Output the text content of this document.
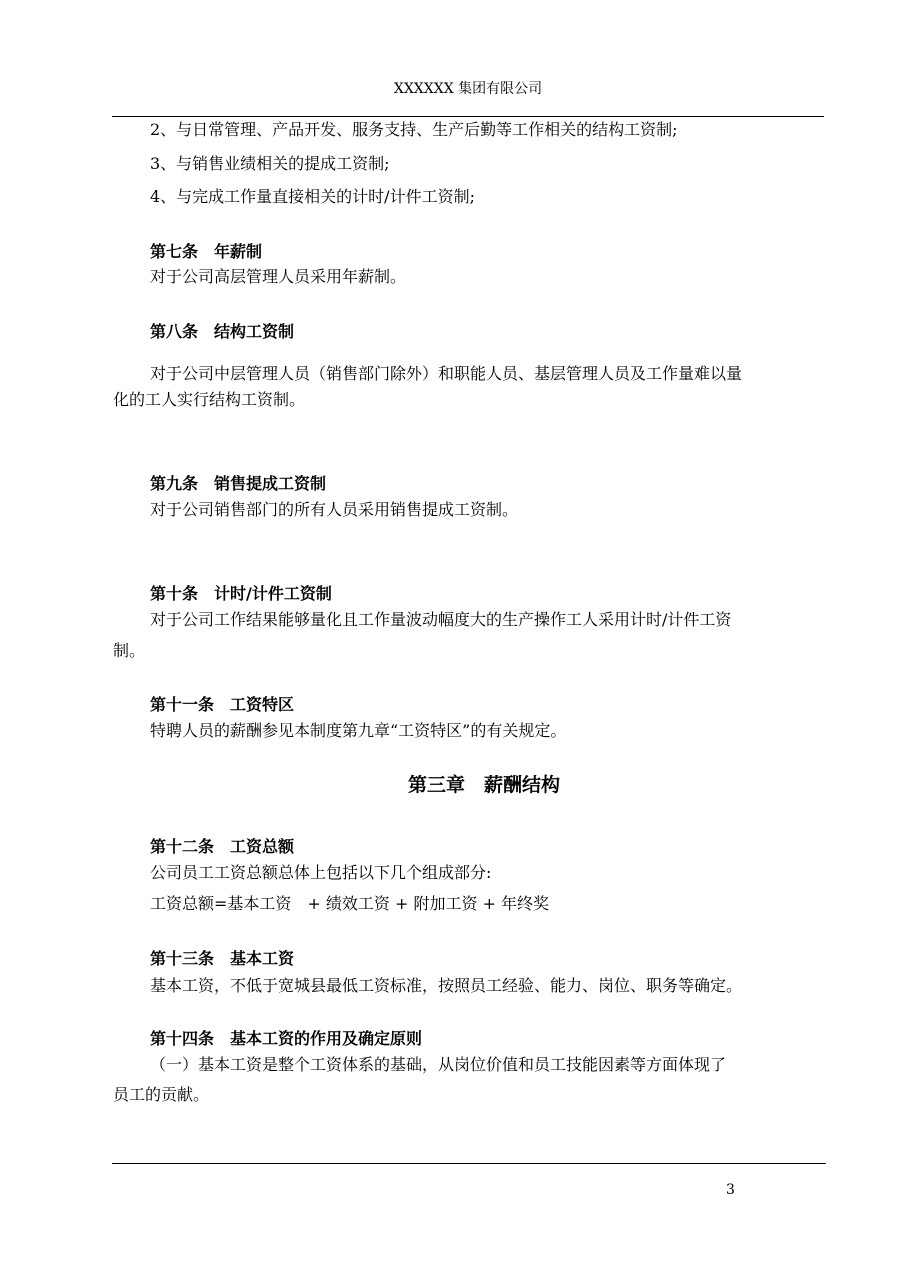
XXXXXX 集团有限公司
2、与日常管理、产品开发、服务支持、生产后勤等工作相关的结构工资制;
3、与销售业绩相关的提成工资制;
4、与完成工作量直接相关的计时/计件工资制;
第七条 年薪制
对于公司高层管理人员采用年薪制。
第八条 结构工资制
对于公司中层管理人员（销售部门除外）和职能人员、基层管理人员及工作量难以量
化的工人实行结构工资制。
第九条 销售提成工资制
对于公司销售部门的所有人员采用销售提成工资制。
第十条 计时/计件工资制
对于公司工作结果能够量化且工作量波动幅度大的生产操作工人采用计时/计件工资
制。
第十一条 工资特区
特聘人员的薪酬参见本制度第九章“工资特区”的有关规定。
第三章　薪酬结构
第十二条 工资总额
公司员工工资总额总体上包括以下几个组成部分:
工资总额=基本工资　+ 绩效工资 + 附加工资 + 年终奖
第十三条 基本工资
基本工资，不低于宽城县最低工资标准，按照员工经验、能力、岗位、职务等确定。
第十四条 基本工资的作用及确定原则
（一）基本工资是整个工资体系的基础，从岗位价值和员工技能因素等方面体现了
员工的贡献。
3
